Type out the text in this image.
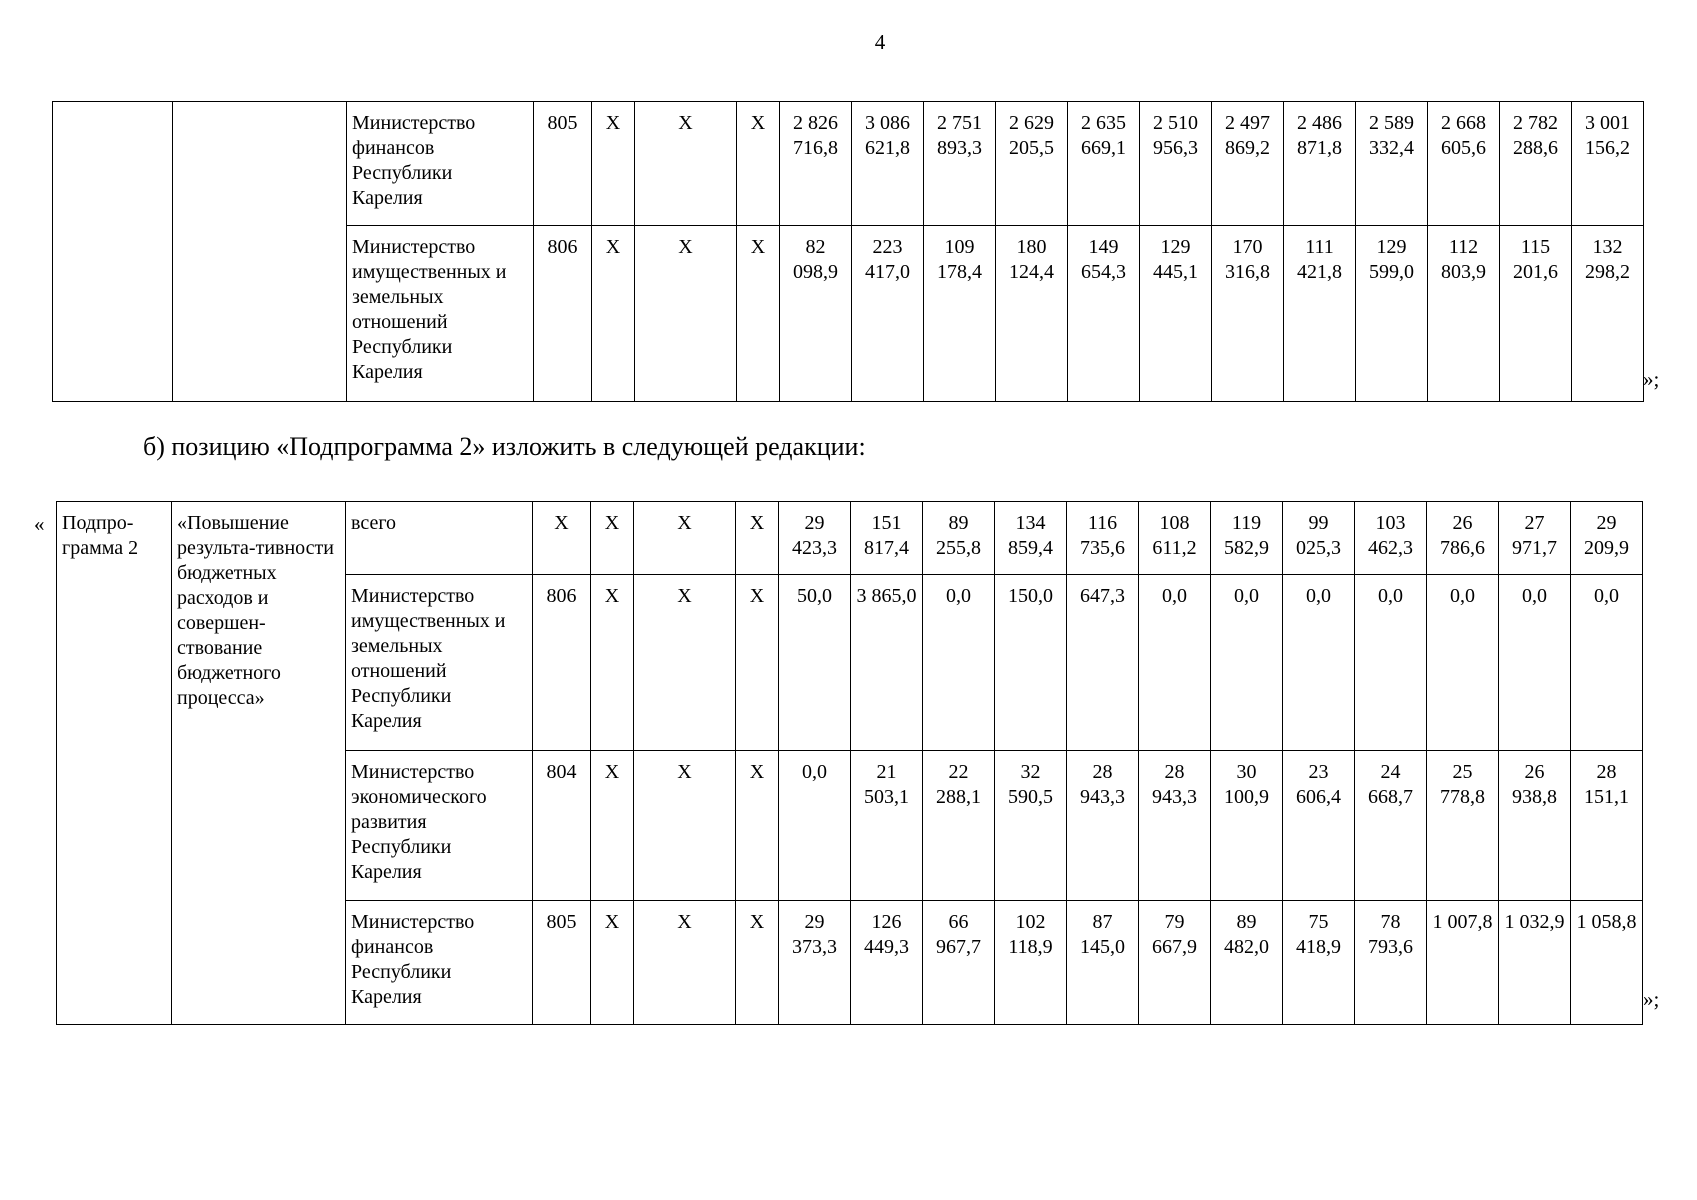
4
		Министерство финансов Республики Карелия	805	X	X	X	2 826 716,8	3 086 621,8	2 751 893,3	2 629 205,5	2 635 669,1	2 510 956,3	2 497 869,2	2 486 871,8	2 589 332,4	2 668 605,6	2 782 288,6	3 001 156,2
		Министерство имущественных и земельных отношений Республики Карелия	806	X	X	X	82 098,9	223 417,0	109 178,4	180 124,4	149 654,3	129 445,1	170 316,8	111 421,8	129 599,0	112 803,9	115 201,6	132 298,2
»;
б) позицию «Подпрограмма 2» изложить в следующей редакции:
« Подпро-грамма 2	«Повышение результа-тивности бюджетных расходов и совершен-ствование бюджетного процесса»	всего	X	X	X	X	29 423,3	151 817,4	89 255,8	134 859,4	116 735,6	108 611,2	119 582,9	99 025,3	103 462,3	26 786,6	27 971,7	29 209,9
		Министерство имущественных и земельных отношений Республики Карелия	806	X	X	X	50,0	3 865,0	0,0	150,0	647,3	0,0	0,0	0,0	0,0	0,0	0,0	0,0
		Министерство экономического развития Республики Карелия	804	X	X	X	0,0	21 503,1	22 288,1	32 590,5	28 943,3	28 943,3	30 100,9	23 606,4	24 668,7	25 778,8	26 938,8	28 151,1
		Министерство финансов Республики Карелия	805	X	X	X	29 373,3	126 449,3	66 967,7	102 118,9	87 145,0	79 667,9	89 482,0	75 418,9	78 793,6	1 007,8	1 032,9	1 058,8
»;
